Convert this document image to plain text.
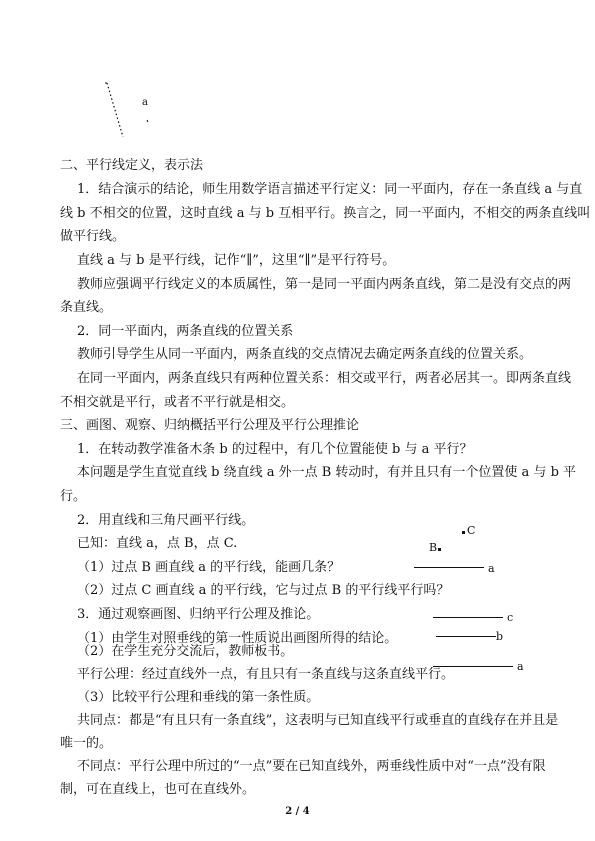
a
二、平行线定义，表示法
1．结合演示的结论，师生用数学语言描述平行定义：同一平面内，存在一条直线 a 与直
线 b 不相交的位置，这时直线 a 与 b 互相平行。换言之，同一平面内，不相交的两条直线叫
做平行线。
直线 a 与 b 是平行线，记作“∥”，这里“∥”是平行符号。
教师应强调平行线定义的本质属性，第一是同一平面内两条直线，第二是没有交点的两
条直线。
2．同一平面内，两条直线的位置关系
教师引导学生从同一平面内，两条直线的交点情况去确定两条直线的位置关系。
在同一平面内，两条直线只有两种位置关系：相交或平行，两者必居其一。即两条直线
不相交就是平行，或者不平行就是相交。
三、画图、观察、归纳概括平行公理及平行公理推论
1．在转动教学准备木条 b 的过程中，有几个位置能使 b 与 a 平行？
本问题是学生直觉直线 b 绕直线 a 外一点 B 转动时，有并且只有一个位置使 a 与 b 平
行。
2．用直线和三角尺画平行线。
已知：直线 a，点 B，点 C.
（1）过点 B 画直线 a 的平行线，能画几条？
（2）过点 C 画直线 a 的平行线，它与过点 B 的平行线平行吗？
3．通过观察画图、归纳平行公理及推论。
（1）由学生对照垂线的第一性质说出画图所得的结论。
（2）在学生充分交流后，教师板书。
平行公理：经过直线外一点，有且只有一条直线与这条直线平行。
（3）比较平行公理和垂线的第一条性质。
共同点：都是“有且只有一条直线”，这表明与已知直线平行或垂直的直线存在并且是
唯一的。
不同点：平行公理中所过的“一点”要在已知直线外，两垂线性质中对“一点”没有限
制，可在直线上，也可在直线外。
C
B
a
c
b
a
2 / 4
